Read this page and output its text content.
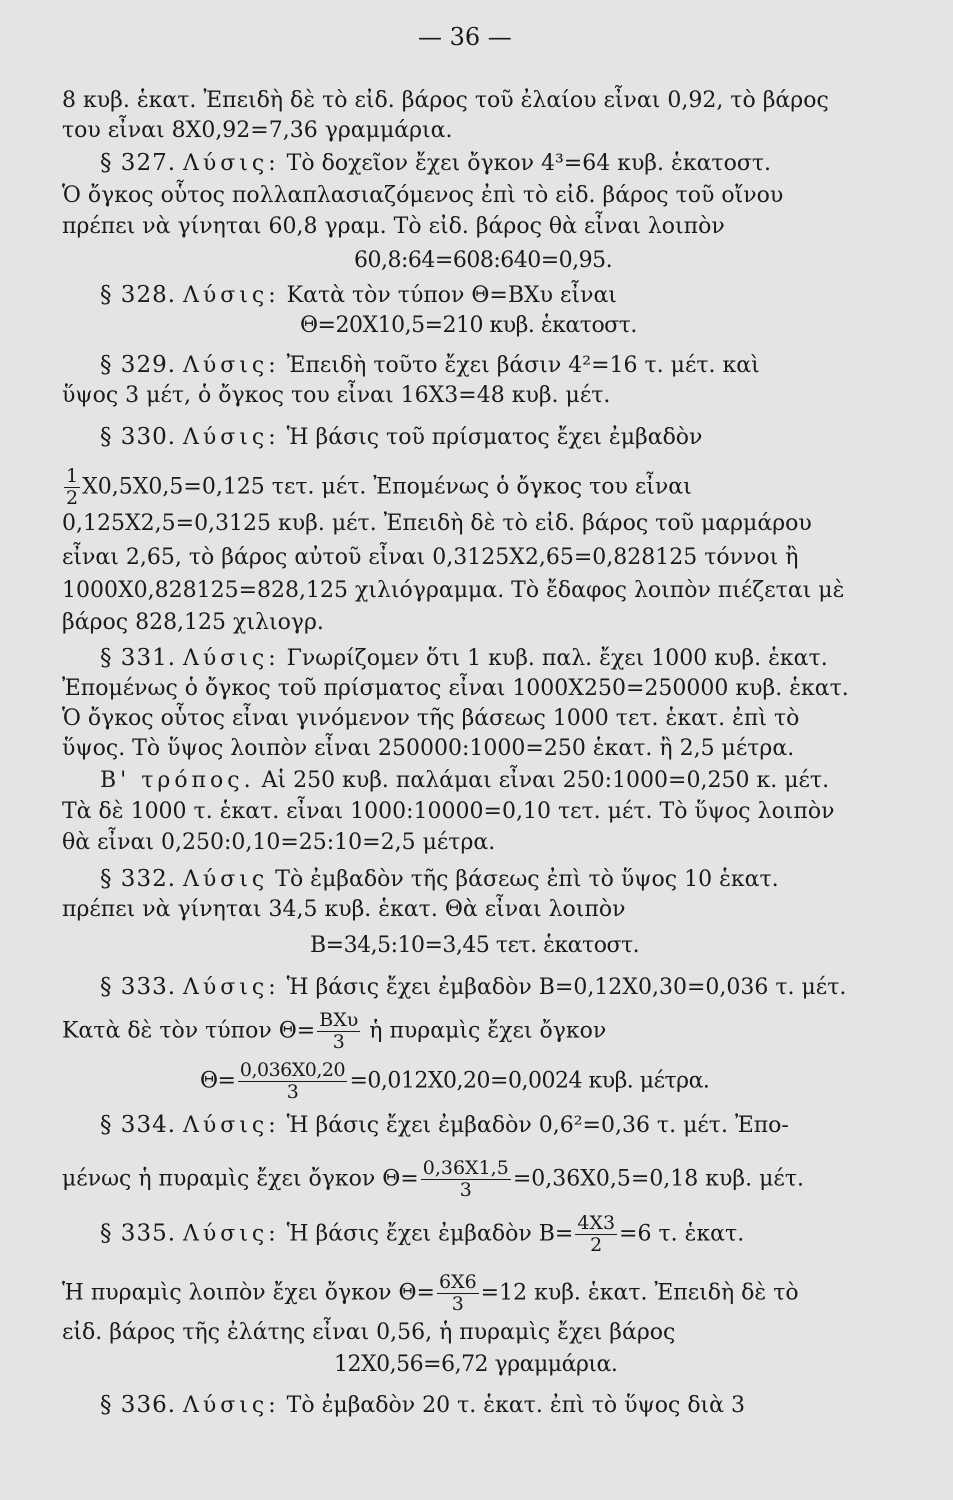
— 36 —
8 κυβ. ἑκατ. Ἐπειδὴ δὲ τὸ εἰδ. βάρος τοῦ ἐλαίου εἶναι 0,92, τὸ βάρος
του εἶναι 8X0,92=7,36 γραμμάρια.
§ 327. Λύσις: Τὸ δοχεῖον ἔχει ὄγκον 4³=64 κυβ. ἑκατοστ.
Ὁ ὄγκος οὗτος πολλαπλασιαζόμενος ἐπὶ τὸ εἰδ. βάρος τοῦ οἴνου
πρέπει νὰ γίνηται 60,8 γραμ. Τὸ εἰδ. βάρος θὰ εἶναι λοιπὸν
60,8:64=608:640=0,95.
§ 328. Λύσις: Κατὰ τὸν τύπον Θ=ΒXυ εἶναι
Θ=20X10,5=210 κυβ. ἑκατοστ.
§ 329. Λύσις: Ἐπειδὴ τοῦτο ἔχει βάσιν 4²=16 τ. μέτ. καὶ
ὕψος 3 μέτ, ὁ ὄγκος του εἶναι 16X3=48 κυβ. μέτ.
§ 330. Λύσις: Ἡ βάσις τοῦ πρίσματος ἔχει ἐμβαδὸν
$\frac{1}{2} X0,5X0,5=0,125$ τετ. μέτ. Ἐπομένως ὁ ὄγκος του εἶναι
0,125X2,5=0,3125 κυβ. μέτ. Ἐπειδὴ δὲ τὸ εἰδ. βάρος τοῦ μαρμάρου
εἶναι 2,65, τὸ βάρος αὐτοῦ εἶναι 0,3125X2,65=0,828125 τόννοι ἢ
1000X0,828125=828,125 χιλιόγραμμα. Τὸ ἔδαφος λοιπὸν πιέζεται μὲ
βάρος 828,125 χιλιογρ.
§ 331. Λύσις: Γνωρίζομεν ὅτι 1 κυβ. παλ. ἔχει 1000 κυβ. ἑκατ.
Ἐπομένως ὁ ὄγκος τοῦ πρίσματος εἶναι 1000X250=250000 κυβ. ἑκατ.
Ὁ ὄγκος οὗτος εἶναι γινόμενον τῆς βάσεως 1000 τετ. ἑκατ. ἐπὶ τὸ
ὕψος. Τὸ ὕψος λοιπὸν εἶναι 250000:1000=250 ἑκατ. ἢ 2,5 μέτρα.
Β' τρόπος. Αἱ 250 κυβ. παλάμαι εἶναι 250:1000=0,250 κ. μέτ.
Τὰ δὲ 1000 τ. ἑκατ. εἶναι 1000:10000=0,10 τετ. μέτ. Τὸ ὕψος λοιπὸν
θὰ εἶναι 0,250:0,10=25:10=2,5 μέτρα.
§ 332. Λύσις Τὸ ἐμβαδὸν τῆς βάσεως ἐπὶ τὸ ὕψος 10 ἑκατ.
πρέπει νὰ γίνηται 34,5 κυβ. ἑκατ. Θὰ εἶναι λοιπὸν
Β=34,5:10=3,45 τετ. ἑκατοστ.
§ 333. Λύσις: Ἡ βάσις ἔχει ἐμβαδὸν Β=0,12X0,30=0,036 τ. μέτ.
Κατὰ δὲ τὸν τύπον $\Theta= \frac{\text{ΒXυ}}{3}$ ἡ πυραμὶς ἔχει ὄγκον
$\Theta= \frac{0,036X0,20}{3} =0,012X0,20=0,0024$ κυβ. μέτρα.
§ 334. Λύσις: Ἡ βάσις ἔχει ἐμβαδὸν 0,6²=0,36 τ. μέτ. Ἐπο-
μένως ἡ πυραμὶς ἔχει ὄγκον $\Theta= \frac{0,36X1,5}{3} =0,36X0,5=0,18$ κυβ. μέτ.
§ 335. Λύσις: Ἡ βάσις ἔχει ἐμβαδὸν $B= \frac{4X3}{2} =6$ τ. ἑκατ.
Ἡ πυραμὶς λοιπὸν ἔχει ὄγκον $\Theta= \frac{6X6}{3} =12$ κυβ. ἑκατ. Ἐπειδὴ δὲ τὸ
εἰδ. βάρος τῆς ἐλάτης εἶναι 0,56, ἡ πυραμὶς ἔχει βάρος
12X0,56=6,72 γραμμάρια.
§ 336. Λύσις: Τὸ ἐμβαδὸν 20 τ. ἑκατ. ἐπὶ τὸ ὕψος διὰ 3
